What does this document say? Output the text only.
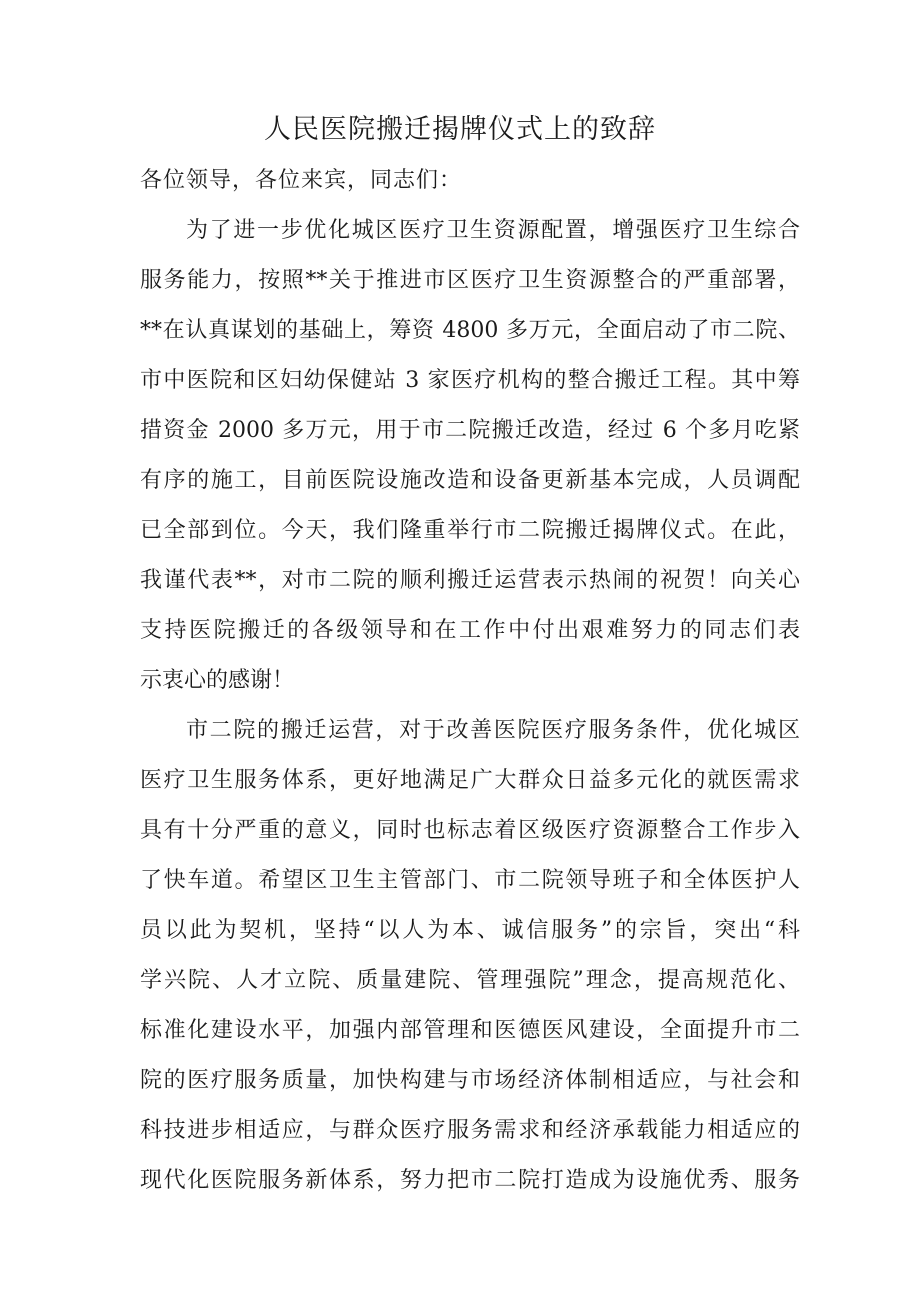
人民医院搬迁揭牌仪式上的致辞

各位领导，各位来宾，同志们：

为了进一步优化城区医疗卫生资源配置，增强医疗卫生综合
服务能力，按照**关于推进市区医疗卫生资源整合的严重部署，
**在认真谋划的基础上，筹资 4800 多万元，全面启动了市二院、
市中医院和区妇幼保健站 3 家医疗机构的整合搬迁工程。其中筹
措资金 2000 多万元，用于市二院搬迁改造，经过 6 个多月吃紧
有序的施工，目前医院设施改造和设备更新基本完成，人员调配
已全部到位。今天，我们隆重举行市二院搬迁揭牌仪式。在此，
我谨代表**，对市二院的顺利搬迁运营表示热闹的祝贺！向关心
支持医院搬迁的各级领导和在工作中付出艰难努力的同志们表
示衷心的感谢！
市二院的搬迁运营，对于改善医院医疗服务条件，优化城区
医疗卫生服务体系，更好地满足广大群众日益多元化的就医需求
具有十分严重的意义，同时也标志着区级医疗资源整合工作步入
了快车道。希望区卫生主管部门、市二院领导班子和全体医护人
员以此为契机，坚持“以人为本、诚信服务”的宗旨，突出“科
学兴院、人才立院、质量建院、管理强院”理念，提高规范化、
标准化建设水平，加强内部管理和医德医风建设，全面提升市二
院的医疗服务质量，加快构建与市场经济体制相适应，与社会和
科技进步相适应，与群众医疗服务需求和经济承载能力相适应的
现代化医院服务新体系，努力把市二院打造成为设施优秀、服务
